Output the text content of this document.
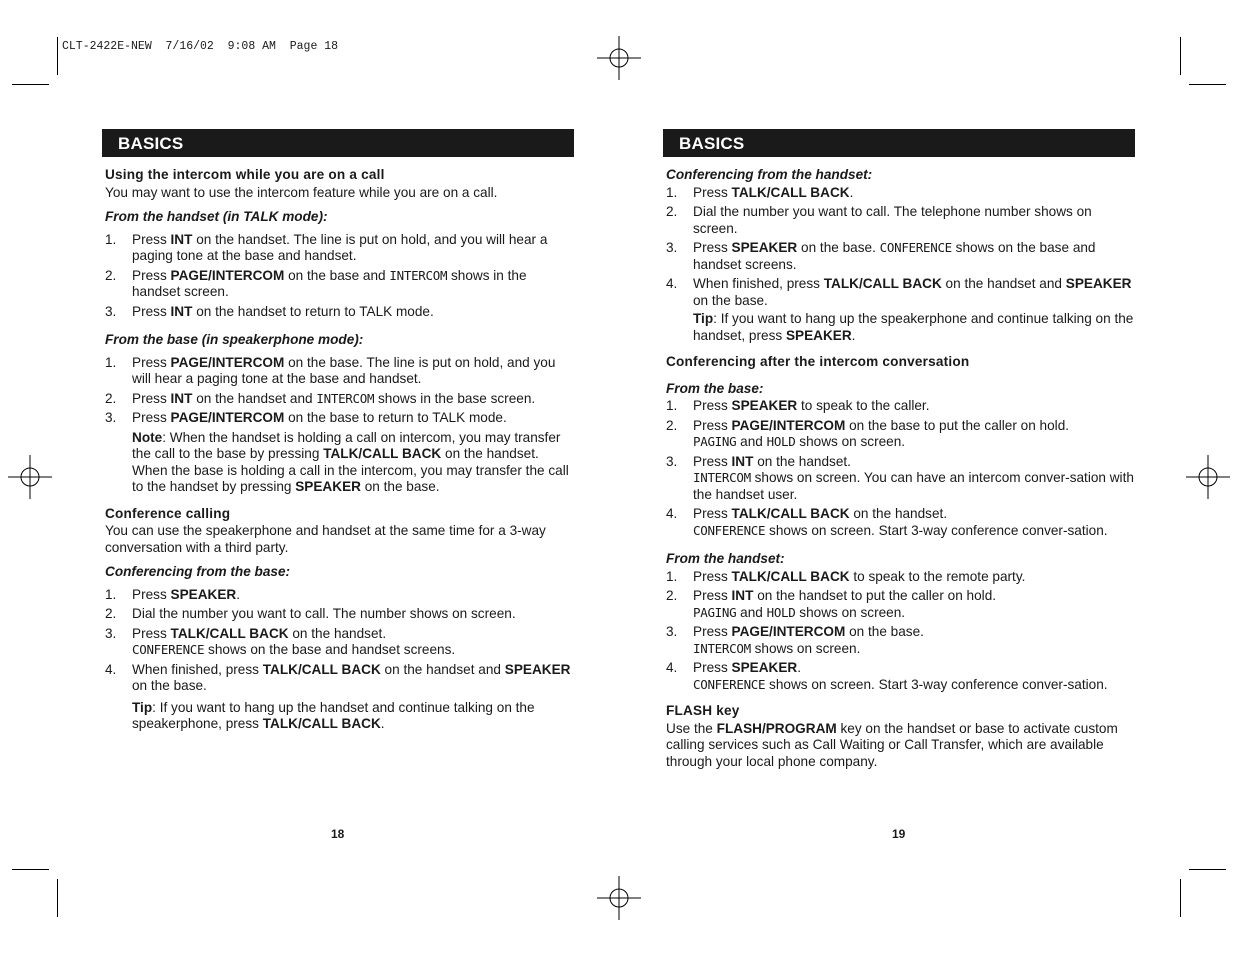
CLT-2422E-NEW  7/16/02  9:08 AM  Page 18
BASICS
Using the intercom while you are on a call
You may want to use the intercom feature while you are on a call.
From the handset (in TALK mode):
1. Press INT on the handset. The line is put on hold, and you will hear a paging tone at the base and handset.
2. Press PAGE/INTERCOM on the base and INTERCOM shows in the handset screen.
3. Press INT on the handset to return to TALK mode.
From the base (in speakerphone mode):
1. Press PAGE/INTERCOM on the base. The line is put on hold, and you will hear a paging tone at the base and handset.
2. Press INT on the handset and INTERCOM shows in the base screen.
3. Press PAGE/INTERCOM on the base to return to TALK mode.
Note: When the handset is holding a call on intercom, you may transfer the call to the base by pressing TALK/CALL BACK on the handset. When the base is holding a call in the intercom, you may transfer the call to the handset by pressing SPEAKER on the base.
Conference calling
You can use the speakerphone and handset at the same time for a 3-way conversation with a third party.
Conferencing from the base:
1. Press SPEAKER.
2. Dial the number you want to call. The number shows on screen.
3. Press TALK/CALL BACK on the handset.
CONFERENCE shows on the base and handset screens.
4. When finished, press TALK/CALL BACK on the handset and SPEAKER on the base.
Tip: If you want to hang up the handset and continue talking on the speakerphone, press TALK/CALL BACK.
18
BASICS
Conferencing from the handset:
1. Press TALK/CALL BACK.
2. Dial the number you want to call. The telephone number shows on screen.
3. Press SPEAKER on the base. CONFERENCE shows on the base and handset screens.
4. When finished, press TALK/CALL BACK on the handset and SPEAKER on the base.
Tip: If you want to hang up the speakerphone and continue talking on the handset, press SPEAKER.
Conferencing after the intercom conversation
From the base:
1. Press SPEAKER to speak to the caller.
2. Press PAGE/INTERCOM on the base to put the caller on hold.
PAGING and HOLD shows on screen.
3. Press INT on the handset.
INTERCOM shows on screen. You can have an intercom conver-sation with the handset user.
4. Press TALK/CALL BACK on the handset.
CONFERENCE shows on screen. Start 3-way conference conver-sation.
From the handset:
1. Press TALK/CALL BACK to speak to the remote party.
2. Press INT on the handset to put the caller on hold.
PAGING and HOLD shows on screen.
3. Press PAGE/INTERCOM on the base.
INTERCOM shows on screen.
4. Press SPEAKER.
CONFERENCE shows on screen. Start 3-way conference conver-sation.
FLASH key
Use the FLASH/PROGRAM key on the handset or base to activate custom calling services such as Call Waiting or Call Transfer, which are available through your local phone company.
19
